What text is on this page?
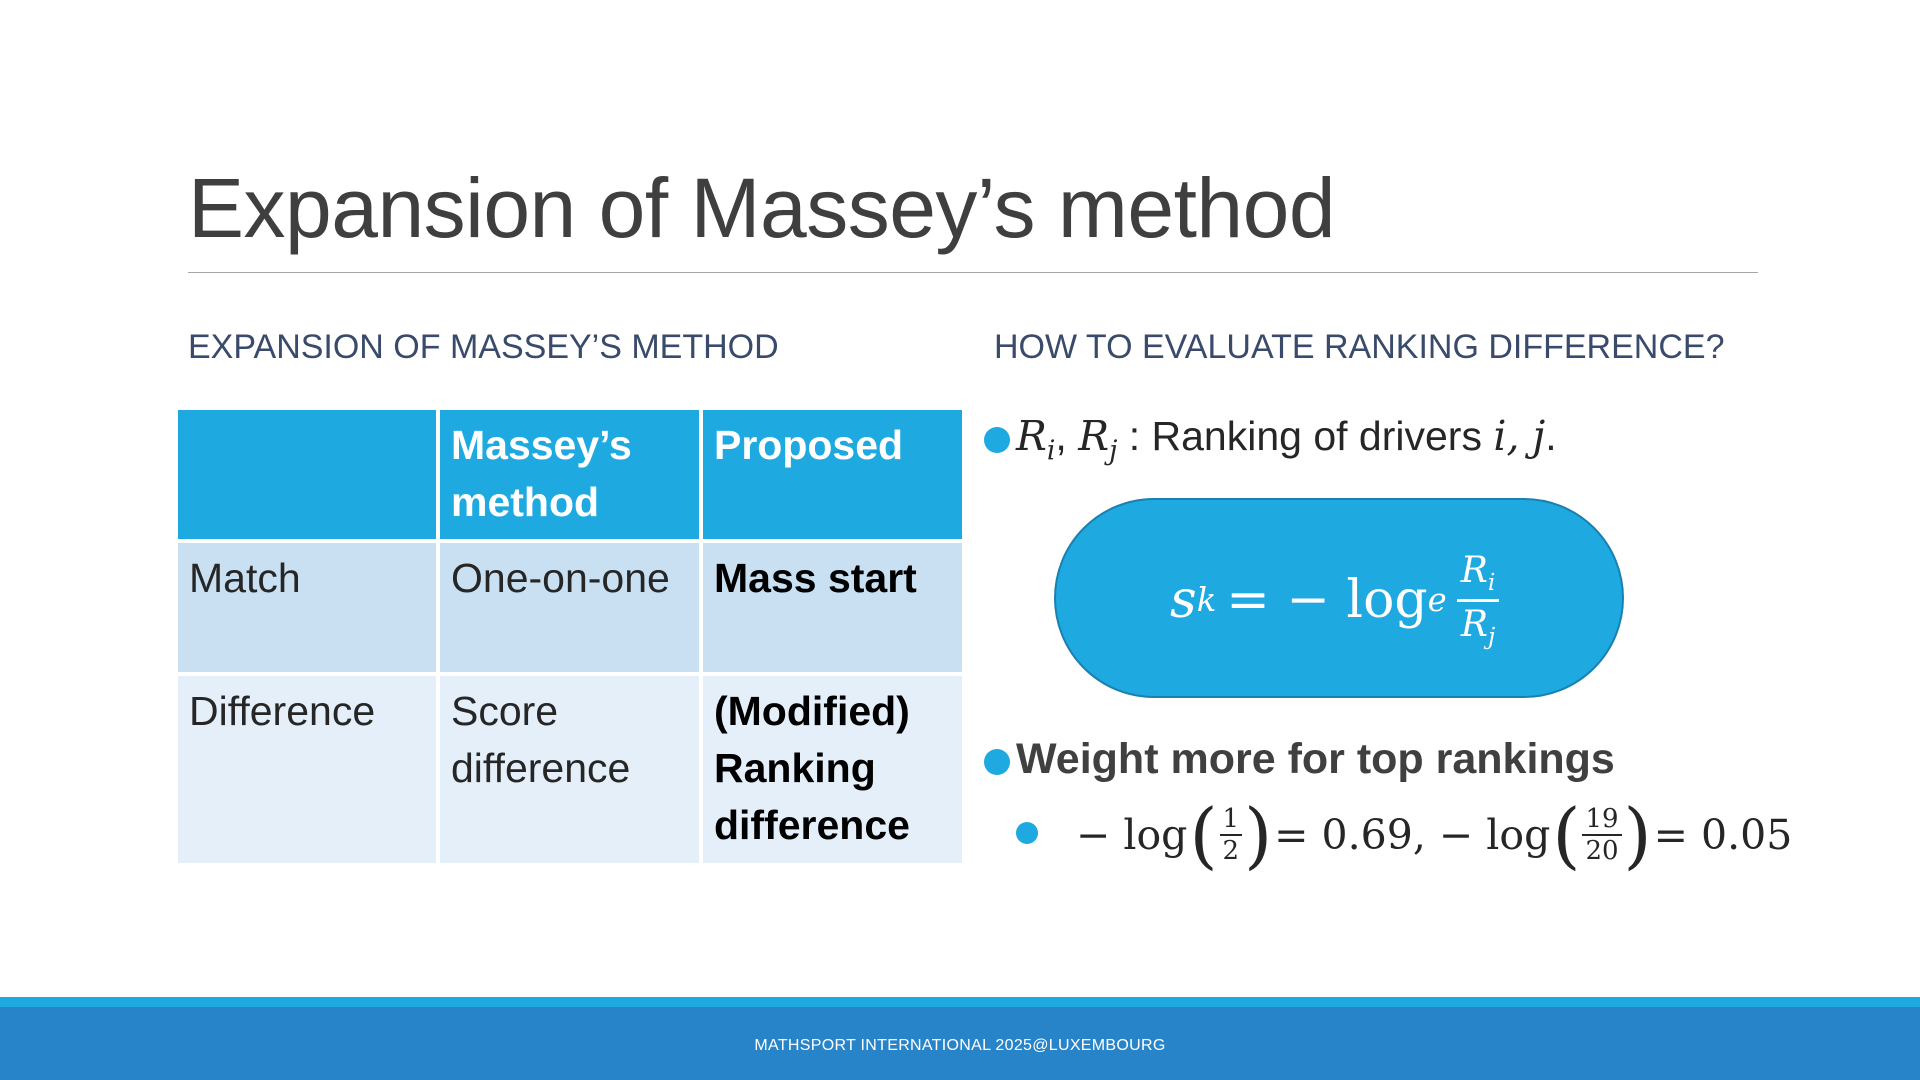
Expansion of Massey’s method
EXPANSION OF MASSEY’S METHOD	HOW TO EVALUATE RANKING DIFFERENCE?
	Massey’s method	Proposed
Match	One-on-one	Mass start
Difference	Score difference	(Modified) Ranking difference
$R_i$, $R_j$ : Ranking of drivers i, j.
s k = − log e $\frac{R_i}{R_j}$
Weight more for top rankings
− log ( $\frac{1}{2}$ ) = 0.69, − log ( $\frac{19}{20}$ ) = 0.05
MATHSPORT INTERNATIONAL 2025@LUXEMBOURG
